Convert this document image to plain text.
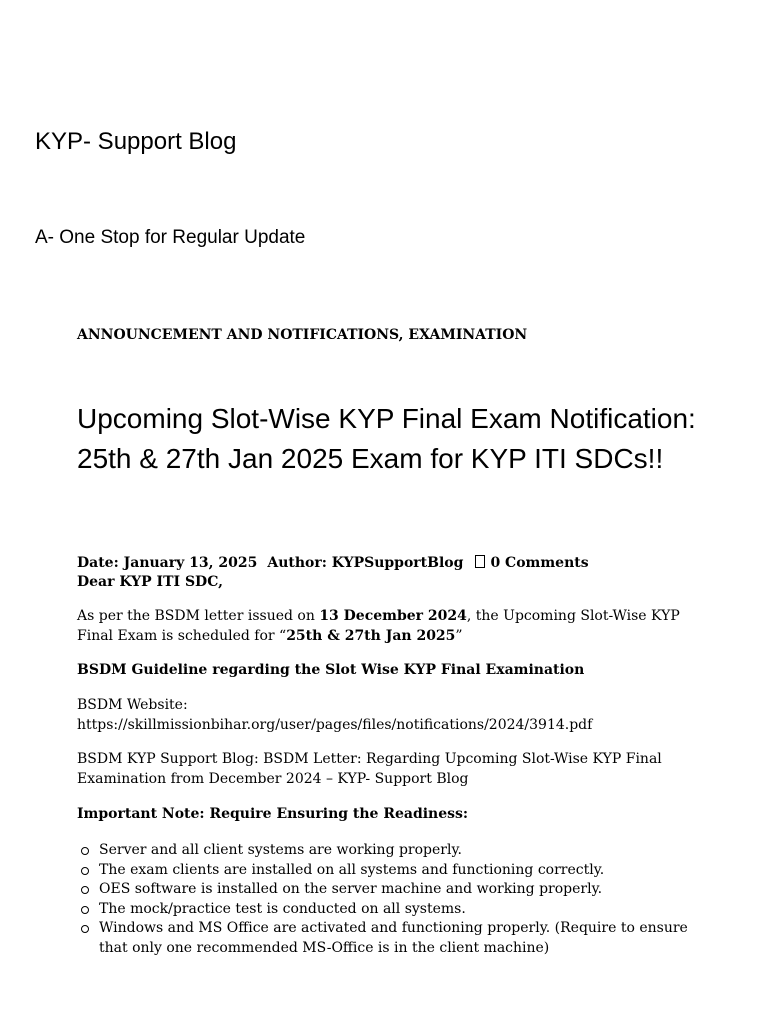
KYP- Support Blog
A- One Stop for Regular Update
ANNOUNCEMENT AND NOTIFICATIONS, EXAMINATION
Upcoming Slot-Wise KYP Final Exam Notification: 25th & 27th Jan 2025 Exam for KYP ITI SDCs!!
Date: January 13, 2025 Author: KYPSupportBlog 0 Comments
Dear KYP ITI SDC,
As per the BSDM letter issued on 13 December 2024, the Upcoming Slot-Wise KYP Final Exam is scheduled for “25th & 27th Jan 2025”
BSDM Guideline regarding the Slot Wise KYP Final Examination
BSDM Website:
https://skillmissionbihar.org/user/pages/files/notifications/2024/3914.pdf
BSDM KYP Support Blog: BSDM Letter: Regarding Upcoming Slot-Wise KYP Final Examination from December 2024 – KYP- Support Blog
Important Note: Require Ensuring the Readiness:
Server and all client systems are working properly.
The exam clients are installed on all systems and functioning correctly.
OES software is installed on the server machine and working properly.
The mock/practice test is conducted on all systems.
Windows and MS Office are activated and functioning properly. (Require to ensure that only one recommended MS-Office is in the client machine)
